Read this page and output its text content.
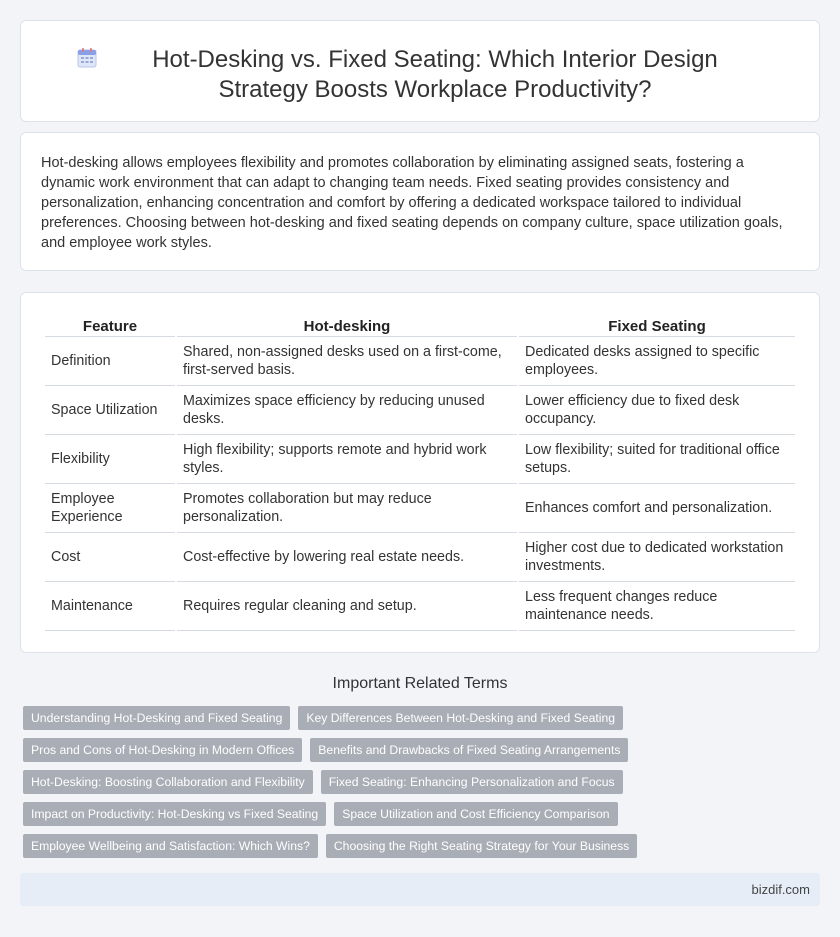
Hot-Desking vs. Fixed Seating: Which Interior Design Strategy Boosts Workplace Productivity?

Hot-desking allows employees flexibility and promotes collaboration by eliminating assigned seats, fostering a dynamic work environment that can adapt to changing team needs. Fixed seating provides consistency and personalization, enhancing concentration and comfort by offering a dedicated workspace tailored to individual preferences. Choosing between hot-desking and fixed seating depends on company culture, space utilization goals, and employee work styles.

Feature	Hot-desking	Fixed Seating
Definition	Shared, non-assigned desks used on a first-come, first-served basis.	Dedicated desks assigned to specific employees.
Space Utilization	Maximizes space efficiency by reducing unused desks.	Lower efficiency due to fixed desk occupancy.
Flexibility	High flexibility; supports remote and hybrid work styles.	Low flexibility; suited for traditional office setups.
Employee Experience	Promotes collaboration but may reduce personalization.	Enhances comfort and personalization.
Cost	Cost-effective by lowering real estate needs.	Higher cost due to dedicated workstation investments.
Maintenance	Requires regular cleaning and setup.	Less frequent changes reduce maintenance needs.
Important Related Terms
Understanding Hot-Desking and Fixed Seating	Key Differences Between Hot-Desking and Fixed Seating
Pros and Cons of Hot-Desking in Modern Offices	Benefits and Drawbacks of Fixed Seating Arrangements
Hot-Desking: Boosting Collaboration and Flexibility	Fixed Seating: Enhancing Personalization and Focus
Impact on Productivity: Hot-Desking vs Fixed Seating	Space Utilization and Cost Efficiency Comparison
Employee Wellbeing and Satisfaction: Which Wins?	Choosing the Right Seating Strategy for Your Business
bizdif.com
